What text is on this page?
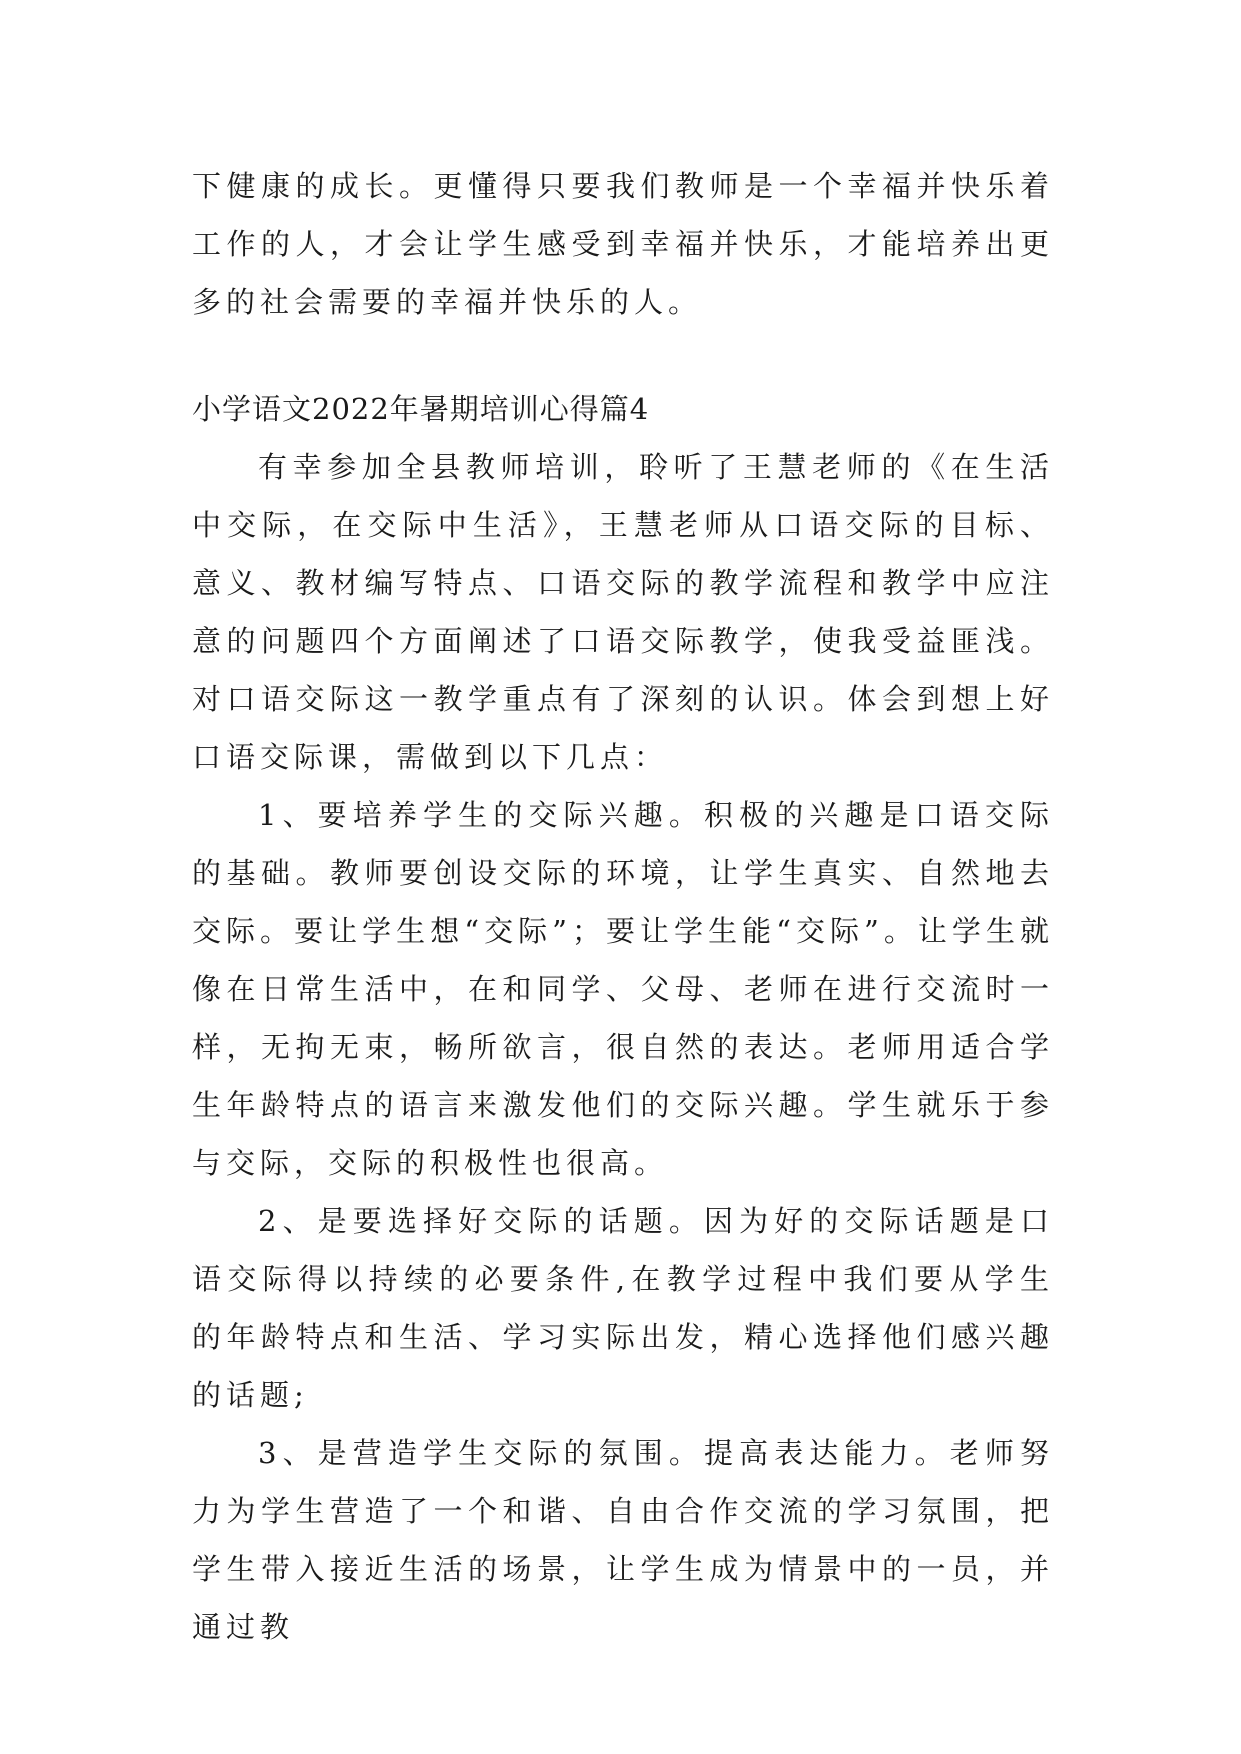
下健康的成长。更懂得只要我们教师是一个幸福并快乐着工作的人，才会让学生感受到幸福并快乐，才能培养出更多的社会需要的幸福并快乐的人。

小学语文2022年暑期培训心得篇4

有幸参加全县教师培训，聆听了王慧老师的《在生活中交际，在交际中生活》，王慧老师从口语交际的目标、意义、教材编写特点、口语交际的教学流程和教学中应注意的问题四个方面阐述了口语交际教学，使我受益匪浅。对口语交际这一教学重点有了深刻的认识。体会到想上好口语交际课，需做到以下几点：

1、要培养学生的交际兴趣。积极的兴趣是口语交际的基础。教师要创设交际的环境，让学生真实、自然地去交际。要让学生想“交际”；要让学生能“交际”。让学生就像在日常生活中，在和同学、父母、老师在进行交流时一样，无拘无束，畅所欲言，很自然的表达。老师用适合学生年龄特点的语言来激发他们的交际兴趣。学生就乐于参与交际，交际的积极性也很高。

2、是要选择好交际的话题。因为好的交际话题是口语交际得以持续的必要条件,在教学过程中我们要从学生的年龄特点和生活、学习实际出发，精心选择他们感兴趣的话题;

3、是营造学生交际的氛围。提高表达能力。老师努力为学生营造了一个和谐、自由合作交流的学习氛围，把学生带入接近生活的场景，让学生成为情景中的一员，并通过教
